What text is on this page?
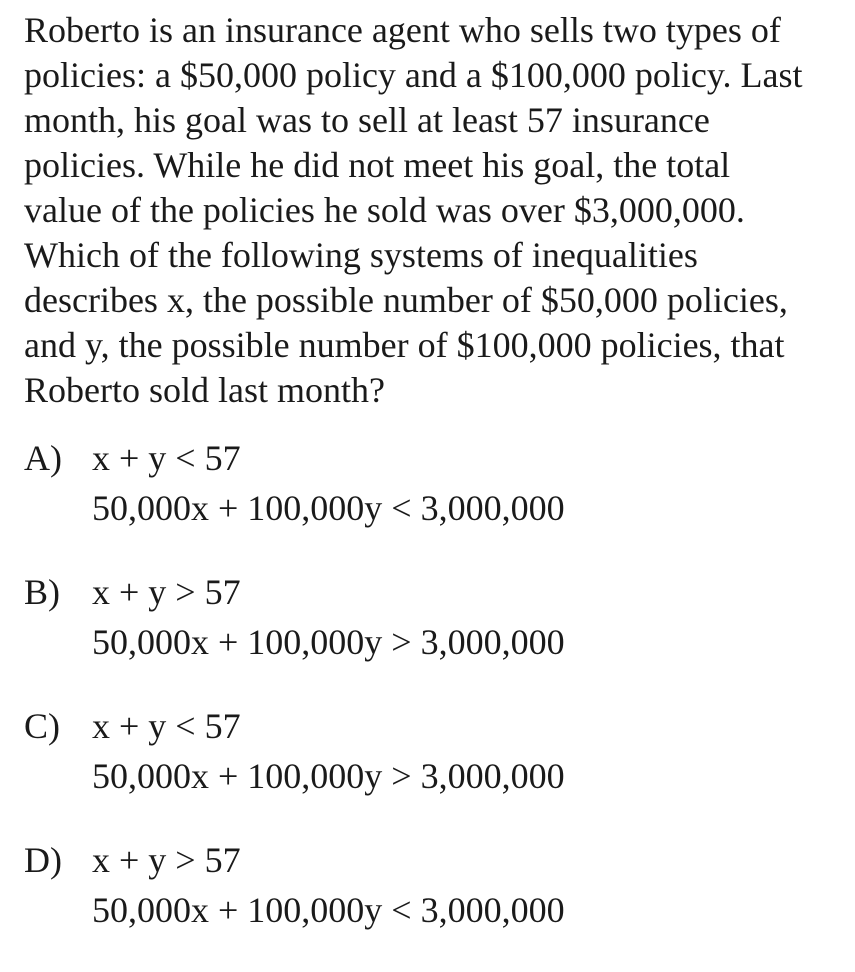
Roberto is an insurance agent who sells two types of
policies: a $50,000 policy and a $100,000 policy. Last
month, his goal was to sell at least 57 insurance
policies. While he did not meet his goal, the total
value of the policies he sold was over $3,000,000.
Which of the following systems of inequalities
describes x, the possible number of $50,000 policies,
and y, the possible number of $100,000 policies, that
Roberto sold last month?
A) x + y < 57
50,000x + 100,000y < 3,000,000
B) x + y > 57
50,000x + 100,000y > 3,000,000
C) x + y < 57
50,000x + 100,000y > 3,000,000
D) x + y > 57
50,000x + 100,000y < 3,000,000
